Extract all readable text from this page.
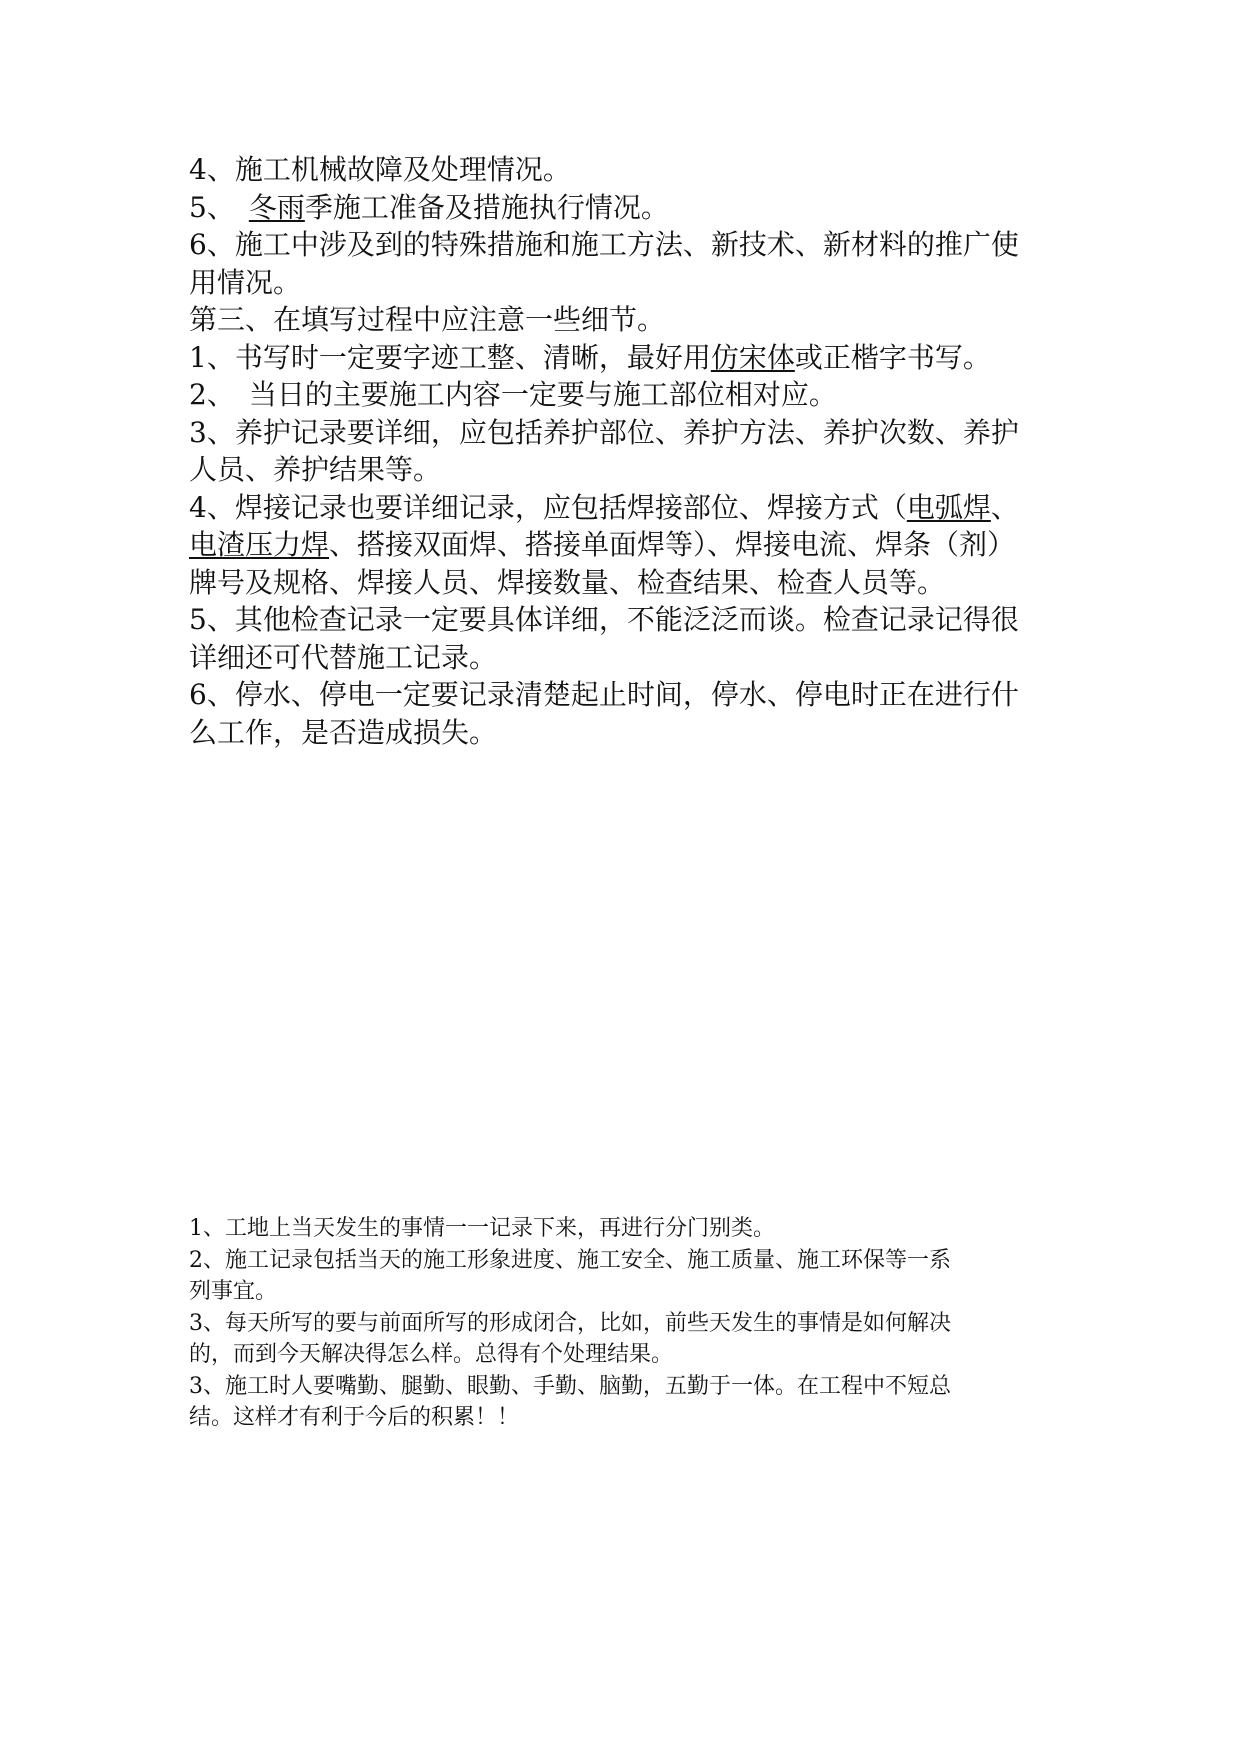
4、施工机械故障及处理情况。
5、　冬雨季施工准备及措施执行情况。
6、施工中涉及到的特殊措施和施工方法、新技术、新材料的推广使
用情况。
第三、在填写过程中应注意一些细节。
1、书写时一定要字迹工整、清晰，最好用仿宋体或正楷字书写。
2、　当日的主要施工内容一定要与施工部位相对应。
3、养护记录要详细，应包括养护部位、养护方法、养护次数、养护
人员、养护结果等。
4、焊接记录也要详细记录，应包括焊接部位、焊接方式（电弧焊、
电渣压力焊、搭接双面焊、搭接单面焊等）、焊接电流、焊条（剂）
牌号及规格、焊接人员、焊接数量、检查结果、检查人员等。
5、其他检查记录一定要具体详细，不能泛泛而谈。检查记录记得很
详细还可代替施工记录。
6、停水、停电一定要记录清楚起止时间，停水、停电时正在进行什
么工作，是否造成损失。
1、工地上当天发生的事情一一记录下来，再进行分门别类。
2、施工记录包括当天的施工形象进度、施工安全、施工质量、施工环保等一系
列事宜。
3、每天所写的要与前面所写的形成闭合，比如，前些天发生的事情是如何解决
的，而到今天解决得怎么样。总得有个处理结果。
3、施工时人要嘴勤、腿勤、眼勤、手勤、脑勤，五勤于一体。在工程中不短总
结。这样才有利于今后的积累！！
